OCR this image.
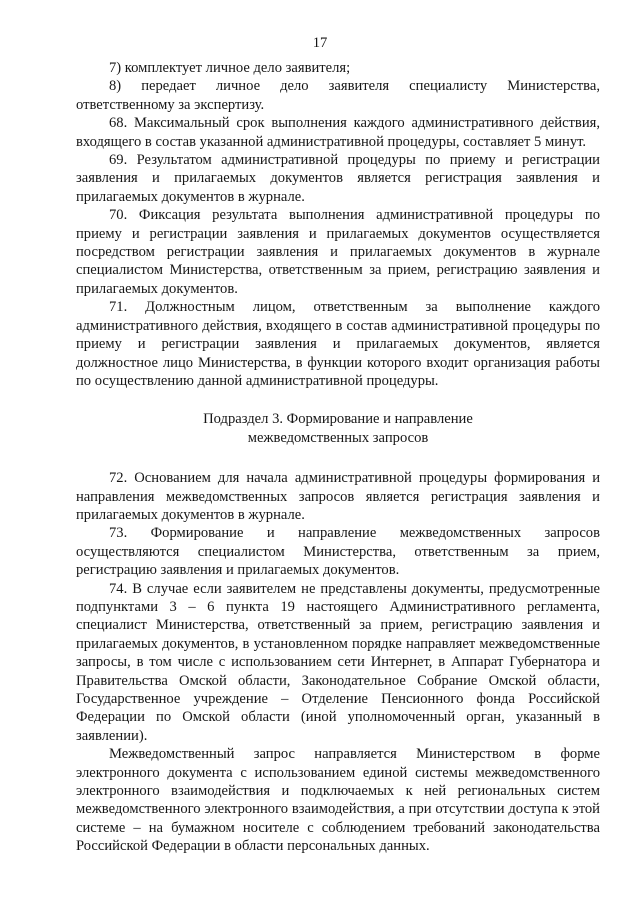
17

7) комплектует личное дело заявителя;

8) передает личное дело заявителя специалисту Министерства, ответственному за экспертизу.

68. Максимальный срок выполнения каждого административного действия, входящего в состав указанной административной процедуры, составляет 5 минут.

69. Результатом административной процедуры по приему и регистрации заявления и прилагаемых документов является регистрация заявления и прилагаемых документов в журнале.

70. Фиксация результата выполнения административной процедуры по приему и регистрации заявления и прилагаемых документов осуществляется посредством регистрации заявления и прилагаемых документов в журнале специалистом Министерства, ответственным за прием, регистрацию заявления и прилагаемых документов.

71. Должностным лицом, ответственным за выполнение каждого административного действия, входящего в состав административной процедуры по приему и регистрации заявления и прилагаемых документов, является должностное лицо Министерства, в функции которого входит организация работы по осуществлению данной административной процедуры.

Подраздел 3. Формирование и направление
межведомственных запросов

72. Основанием для начала административной процедуры формирования и направления межведомственных запросов является регистрация заявления и прилагаемых документов в журнале.

73. Формирование и направление межведомственных запросов осуществляются специалистом Министерства, ответственным за прием, регистрацию заявления и прилагаемых документов.

74. В случае если заявителем не представлены документы, предусмотренные подпунктами 3 – 6 пункта 19 настоящего Административного регламента, специалист Министерства, ответственный за прием, регистрацию заявления и прилагаемых документов, в установленном порядке направляет межведомственные запросы, в том числе с использованием сети Интернет, в Аппарат Губернатора и Правительства Омской области, Законодательное Собрание Омской области, Государственное учреждение – Отделение Пенсионного фонда Российской Федерации по Омской области (иной уполномоченный орган, указанный в заявлении).

Межведомственный запрос направляется Министерством в форме электронного документа с использованием единой системы межведомственного электронного взаимодействия и подключаемых к ней региональных систем межведомственного электронного взаимодействия, а при отсутствии доступа к этой системе – на бумажном носителе с соблюдением требований законодательства Российской Федерации в области персональных данных.
